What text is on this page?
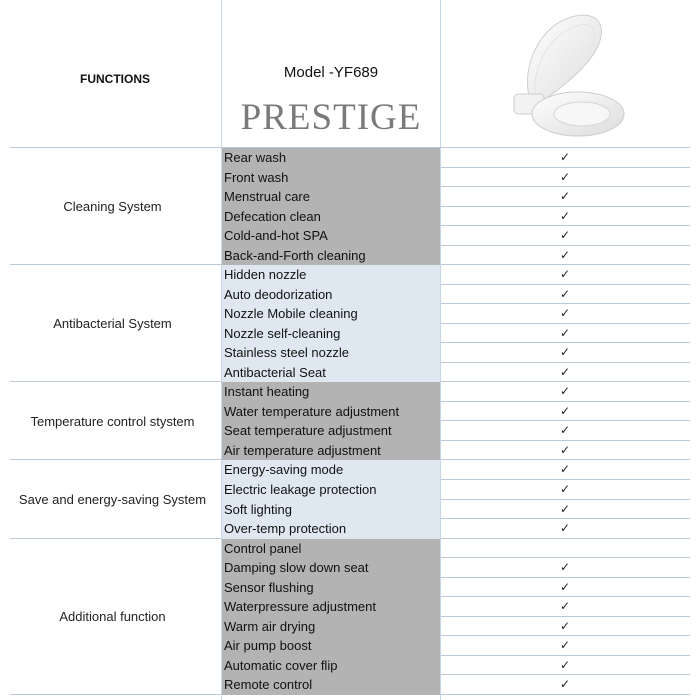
FUNCTIONS	Model -YF689
PRESTIGE
Cleaning System
Rear wash	✓
Front wash	✓
Menstrual care	✓
Defecation clean	✓
Cold-and-hot SPA	✓
Back-and-Forth cleaning	✓
Antibacterial System
Hidden nozzle	✓
Auto deodorization	✓
Nozzle Mobile cleaning	✓
Nozzle self-cleaning	✓
Stainless steel nozzle	✓
Antibacterial Seat	✓
Temperature control stystem
Instant heating	✓
Water temperature adjustment	✓
Seat temperature adjustment	✓
Air temperature adjustment	✓
Save and energy-saving System
Energy-saving mode	✓
Electric leakage protection	✓
Soft lighting	✓
Over-temp protection	✓
Additional function
Control panel
Damping slow down seat	✓
Sensor flushing	✓
Waterpressure adjustment	✓
Warm air drying	✓
Air pump boost	✓
Automatic cover flip	✓
Remote control	✓
